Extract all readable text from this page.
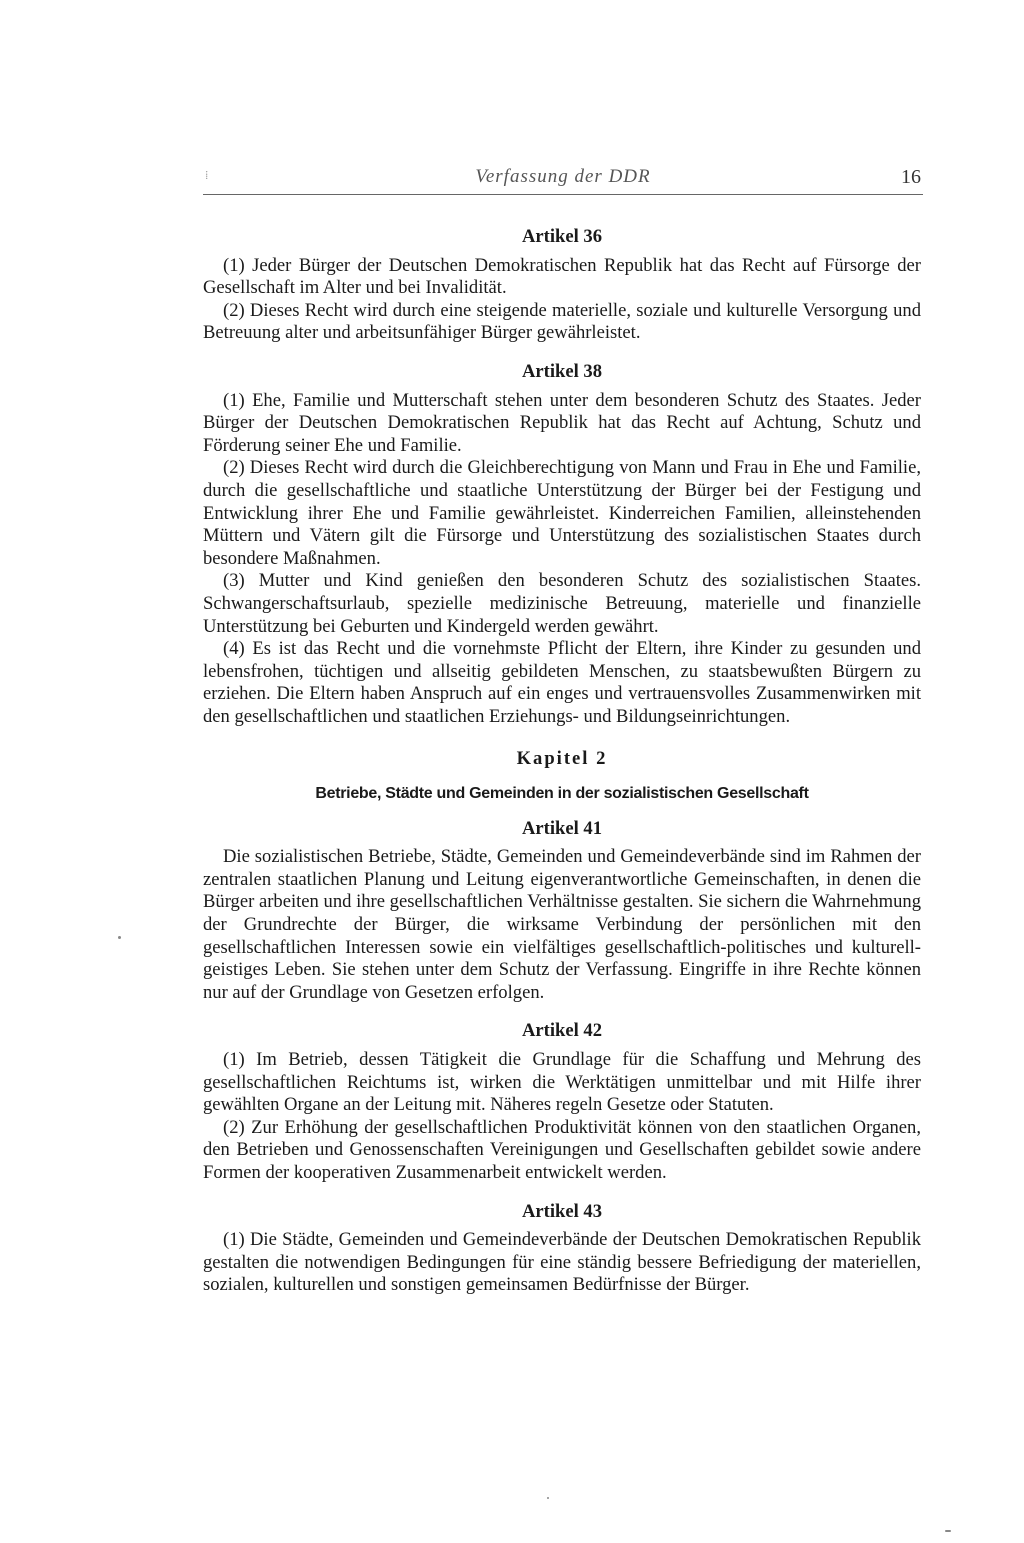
⁞	Verfassung der DDR	16
Artikel 36

(1) Jeder Bürger der Deutschen Demokratischen Republik hat das Recht auf Fürsorge der Gesellschaft im Alter und bei Invalidität.

(2) Dieses Recht wird durch eine steigende materielle, soziale und kulturelle Versorgung und Betreuung alter und arbeitsunfähiger Bürger gewährleistet.

Artikel 38

(1) Ehe, Familie und Mutterschaft stehen unter dem besonderen Schutz des Staates. Jeder Bürger der Deutschen Demokratischen Republik hat das Recht auf Achtung, Schutz und Förderung seiner Ehe und Familie.

(2) Dieses Recht wird durch die Gleichberechtigung von Mann und Frau in Ehe und Familie, durch die gesellschaftliche und staatliche Unterstützung der Bürger bei der Festigung und Entwicklung ihrer Ehe und Familie gewährleistet. Kinderreichen Familien, alleinstehenden Müttern und Vätern gilt die Fürsorge und Unterstützung des sozialistischen Staates durch besondere Maßnahmen.

(3) Mutter und Kind genießen den besonderen Schutz des sozialistischen Staates. Schwangerschaftsurlaub, spezielle medizinische Betreuung, materielle und finanzielle Unterstützung bei Geburten und Kindergeld werden gewährt.

(4) Es ist das Recht und die vornehmste Pflicht der Eltern, ihre Kinder zu gesunden und lebensfrohen, tüchtigen und allseitig gebildeten Menschen, zu staatsbewußten Bürgern zu erziehen. Die Eltern haben Anspruch auf ein enges und vertrauensvolles Zusammenwirken mit den gesellschaftlichen und staatlichen Erziehungs- und Bildungseinrichtungen.

Kapitel 2
Betriebe, Städte und Gemeinden in der sozialistischen Gesellschaft
Artikel 41

Die sozialistischen Betriebe, Städte, Gemeinden und Gemeindeverbände sind im Rahmen der zentralen staatlichen Planung und Leitung eigenverantwortliche Gemeinschaften, in denen die Bürger arbeiten und ihre gesellschaftlichen Verhältnisse gestalten. Sie sichern die Wahrnehmung der Grundrechte der Bürger, die wirksame Verbindung der persönlichen mit den gesellschaftlichen Interessen sowie ein vielfältiges gesellschaftlich-politisches und kulturell-geistiges Leben. Sie stehen unter dem Schutz der Verfassung. Eingriffe in ihre Rechte können nur auf der Grundlage von Gesetzen erfolgen.

Artikel 42

(1) Im Betrieb, dessen Tätigkeit die Grundlage für die Schaffung und Mehrung des gesellschaftlichen Reichtums ist, wirken die Werktätigen unmittelbar und mit Hilfe ihrer gewählten Organe an der Leitung mit. Näheres regeln Gesetze oder Statuten.

(2) Zur Erhöhung der gesellschaftlichen Produktivität können von den staatlichen Organen, den Betrieben und Genossenschaften Vereinigungen und Gesellschaften gebildet sowie andere Formen der kooperativen Zusammenarbeit entwickelt werden.

Artikel 43

(1) Die Städte, Gemeinden und Gemeindeverbände der Deutschen Demokratischen Republik gestalten die notwendigen Bedingungen für eine ständig bessere Befriedigung der materiellen, sozialen, kulturellen und sonstigen gemeinsamen Bedürfnisse der Bürger.
